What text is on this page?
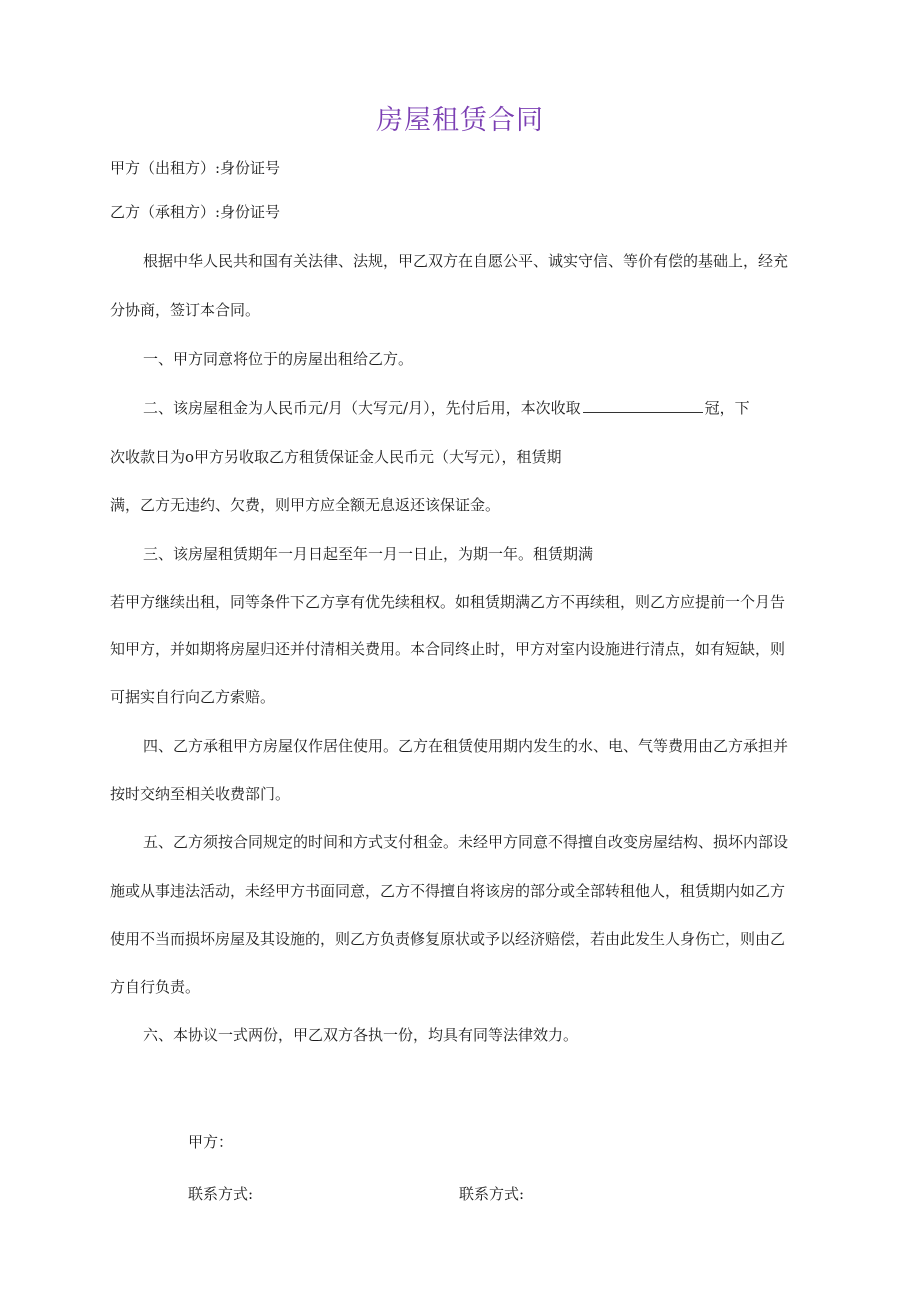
房屋租赁合同
甲方（出租方）:身份证号
乙方（承租方）:身份证号
根据中华人民共和国有关法律、法规，甲乙双方在自愿公平、诚实守信、等价有偿的基础上，经充
分协商，签订本合同。
一、甲方同意将位于的房屋出租给乙方。
二、该房屋租金为人民币元/月（大写元/月），先付后用，本次收取	冠，下
次收款日为o甲方另收取乙方租赁保证金人民币元（大写元），租赁期
满，乙方无违约、欠费，则甲方应全额无息返还该保证金。
三、该房屋租赁期年一月日起至年一月一日止，为期一年。租赁期满
若甲方继续出租，同等条件下乙方享有优先续租权。如租赁期满乙方不再续租，则乙方应提前一个月告
知甲方，并如期将房屋归还并付清相关费用。本合同终止时，甲方对室内设施进行清点，如有短缺，则
可据实自行向乙方索赔。
四、乙方承租甲方房屋仅作居住使用。乙方在租赁使用期内发生的水、电、气等费用由乙方承担并
按时交纳至相关收费部门。
五、乙方须按合同规定的时间和方式支付租金。未经甲方同意不得擅自改变房屋结构、损坏内部设
施或从事违法活动，未经甲方书面同意，乙方不得擅自将该房的部分或全部转租他人，租赁期内如乙方
使用不当而损坏房屋及其设施的，则乙方负责修复原状或予以经济赔偿，若由此发生人身伤亡，则由乙
方自行负责。
六、本协议一式两份，甲乙双方各执一份，均具有同等法律效力。
甲方：
联系方式:	联系方式:
